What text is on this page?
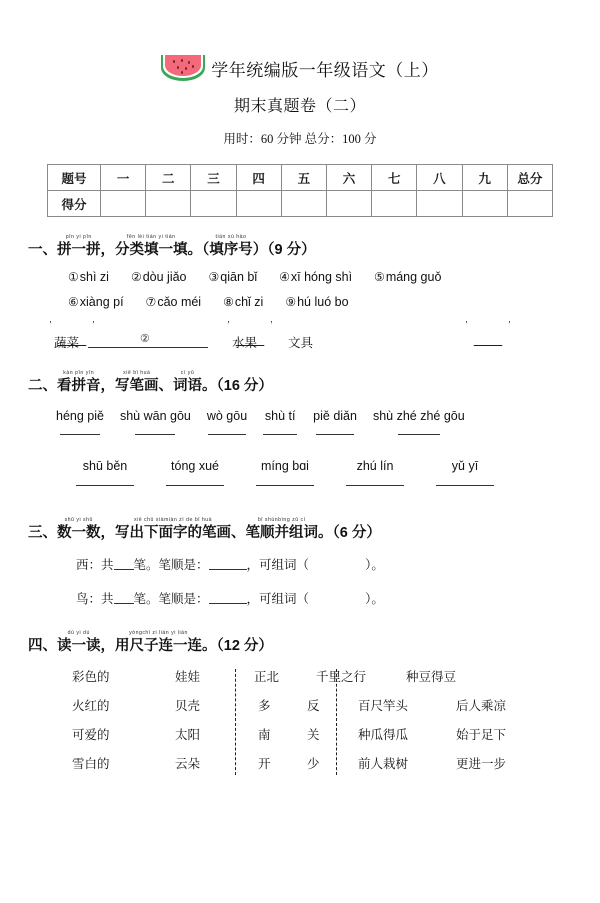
学年统编版一年级语文（上）
期末真题卷（二）
用时：60 分钟 总分：100 分
题号	一	二	三	四	五	六	七	八	九	总分
得分										
一、
pīn yi pīn
拼一拼 ，
fēn lèi tián yi tián
分类填一填 。（
tián xù hào
填序号 ）（9 分）
①shì zi ②dòu jiǎo ③qiān bǐ ④xī hóng shì ⑤máng guǒ
⑥xiàng pí ⑦cǎo méi ⑧chǐ zi ⑨hú luó bo
蔬菜	水果 文具
②
二、
kàn pīn yīn
看拼音 ，
xiě bǐ huà
写笔画 、
cí yǔ
词语 。（16 分）
héng piě shù wān gōu wò gōu shù tí piě diǎn shù zhé zhé gōu
shū běn	tóng xué	míng bɑi	zhú lín	yǔ yī
三、
shǔ yi shǔ
数一数 ，
xiě chū xiàmiàn zì de bǐ huà
写出下面字的笔画 、
bǐ shùnbìng zǔ cí
笔顺并组词 。（6 分）
西：共 笔。笔顺是：	，可组词（	）。
鸟：共 笔。笔顺是：	，可组词（	）。
四、
dú yi dú
读一读 ，
yòngchǐ zi lián yi lián
用尺子连一连 。（12 分）
彩色的	娃娃	正北	千里之行	种豆得豆
火红的	贝壳	多	反	百尺竿头	后人乘凉
可爱的	太阳	南	关	种瓜得瓜	始于足下
雪白的	云朵	开	少	前人栽树	更进一步
